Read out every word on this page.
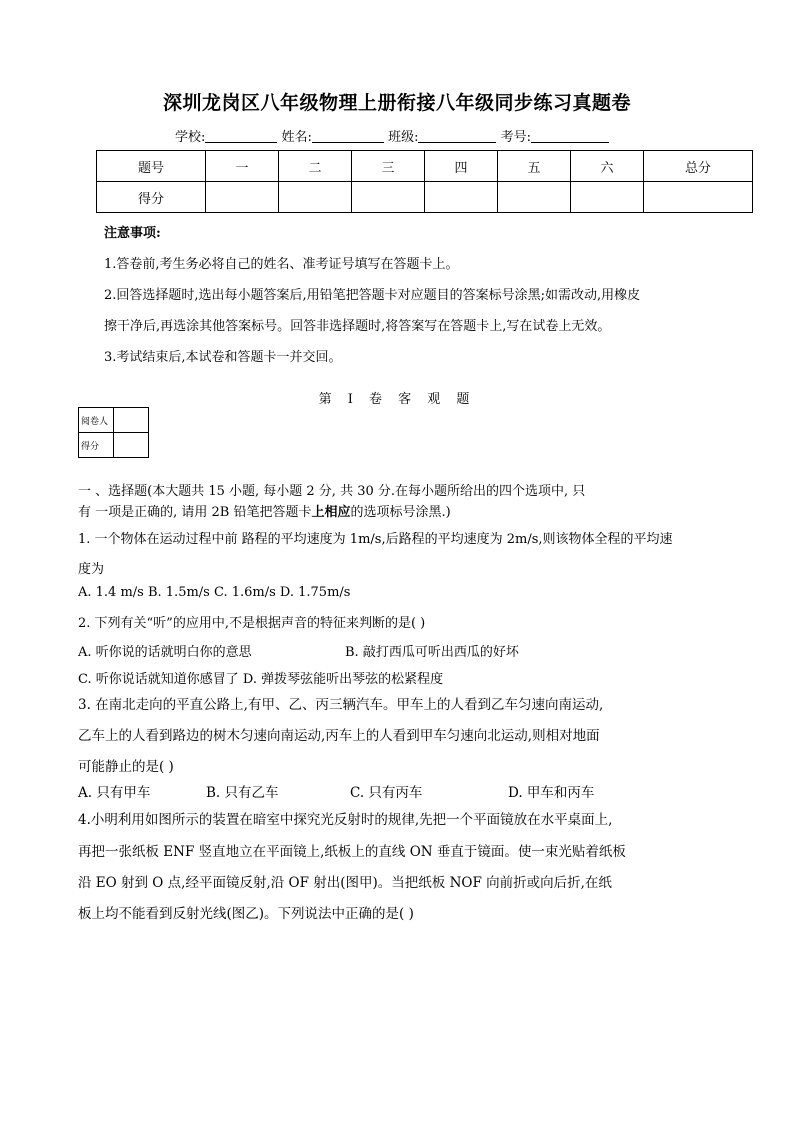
深圳龙岗区八年级物理上册衔接八年级同步练习真题卷
学校:	姓名:	班级:	考号:
题号	一	二	三	四	五	六	总分
得分							
注意事项:
1.答卷前,考生务必将自己的姓名、准考证号填写在答题卡上。
2.回答选择题时,选出每小题答案后,用铅笔把答题卡对应题目的答案标号涂黑;如需改动,用橡皮
擦干净后,再选涂其他答案标号。回答非选择题时,将答案写在答题卡上,写在试卷上无效。
3.考试结束后,本试卷和答题卡一并交回。
第 I 卷 客 观 题
阅卷人	
得分	
一 、选择题(本大题共 15 小题, 每小题 2 分, 共 30 分.在每小题所给出的四个选项中, 只
有 一项是正确的, 请用 2B 铅笔把答题卡上相应的选项标号涂黑.)
1. 一个物体在运动过程中前 路程的平均速度为 1m/s,后路程的平均速度为 2m/s,则该物体全程的平均速
度为
A. 1.4 m/s B. 1.5m/s C. 1.6m/s D. 1.75m/s
2. 下列有关“听”的应用中,不是根据声音的特征来判断的是( )
A. 听你说的话就明白你的意思	B. 敲打西瓜可听出西瓜的好坏
C. 听你说话就知道你感冒了 D. 弹拨琴弦能听出琴弦的松紧程度
3. 在南北走向的平直公路上,有甲、乙、丙三辆汽车。甲车上的人看到乙车匀速向南运动,
乙车上的人看到路边的树木匀速向南运动,丙车上的人看到甲车匀速向北运动,则相对地面
可能静止的是( )
A. 只有甲车	B. 只有乙车	C. 只有丙车	D. 甲车和丙车
4.小明利用如图所示的装置在暗室中探究光反射时的规律,先把一个平面镜放在水平桌面上,
再把一张纸板 ENF 竖直地立在平面镜上,纸板上的直线 ON 垂直于镜面。使一束光贴着纸板
沿 EO 射到 O 点,经平面镜反射,沿 OF 射出(图甲)。当把纸板 NOF 向前折或向后折,在纸
板上均不能看到反射光线(图乙)。下列说法中正确的是( )
